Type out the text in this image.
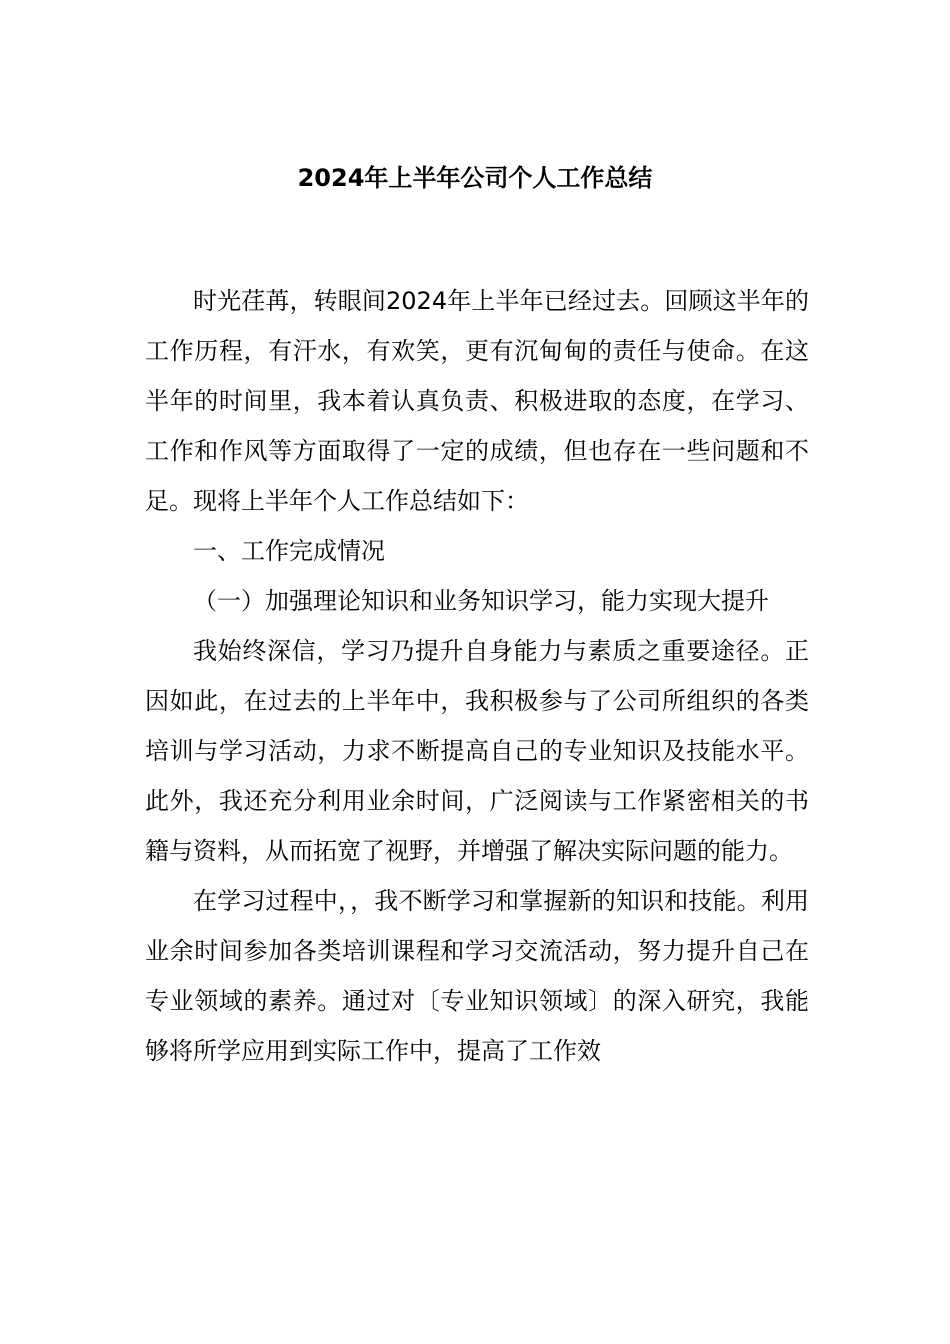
2024年上半年公司个人工作总结

时光荏苒，转眼间2024年上半年已经过去。回顾这半年的工作历程，有汗水，有欢笑，更有沉甸甸的责任与使命。在这半年的时间里，我本着认真负责、积极进取的态度，在学习、工作和作风等方面取得了一定的成绩，但也存在一些问题和不足。现将上半年个人工作总结如下：

一、工作完成情况

（一）加强理论知识和业务知识学习，能力实现大提升

我始终深信，学习乃提升自身能力与素质之重要途径。正因如此，在过去的上半年中，我积极参与了公司所组织的各类培训与学习活动，力求不断提高自己的专业知识及技能水平。此外，我还充分利用业余时间，广泛阅读与工作紧密相关的书籍与资料，从而拓宽了视野，并增强了解决实际问题的能力。

在学习过程中，，我不断学习和掌握新的知识和技能。利用业余时间参加各类培训课程和学习交流活动，努力提升自己在专业领域的素养。通过对〔专业知识领域〕的深入研究，我能够将所学应用到实际工作中，提高了工作效
